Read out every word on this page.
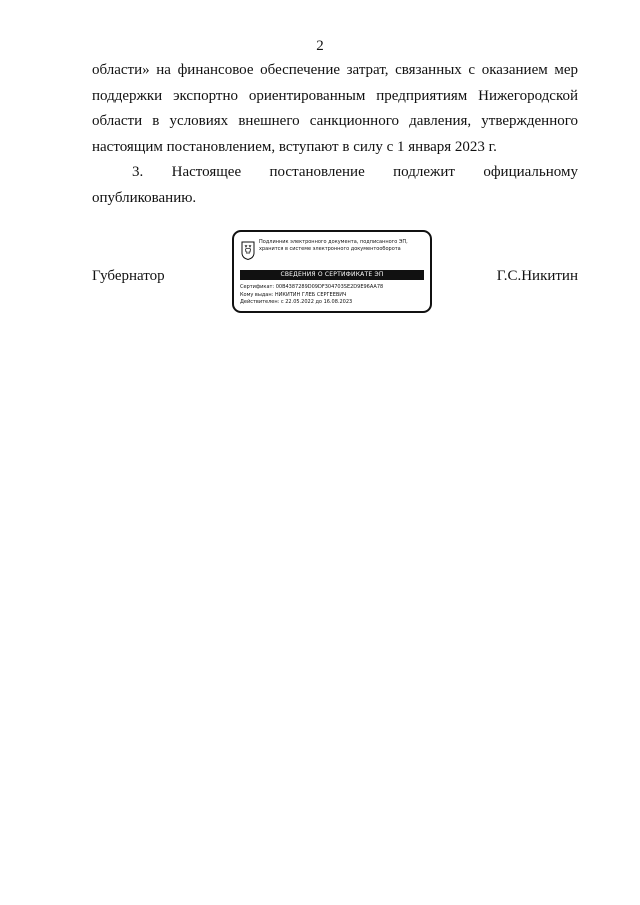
2

области» на финансовое обеспечение затрат, связанных с оказанием мер поддержки экспортно ориентированным предприятиям Нижегородской области в условиях внешнего санкционного давления, утвержденного настоящим постановлением, вступают в силу с 1 января 2023 г.

3. Настоящее постановление подлежит официальному опубликованию.

Губернатор	Г.С.Никитин
Подлинник электронного документа, подписанного ЭП,
хранится в системе электронного документооборота
СВЕДЕНИЯ О СЕРТИФИКАТЕ ЭП
Сертификат: 00B4387289D09DF304703SE2D9E96AA78
Кому выдан: НИКИТИН ГЛЕБ СЕРГЕЕВИЧ
Действителен: с 22.05.2022 до 16.08.2023
